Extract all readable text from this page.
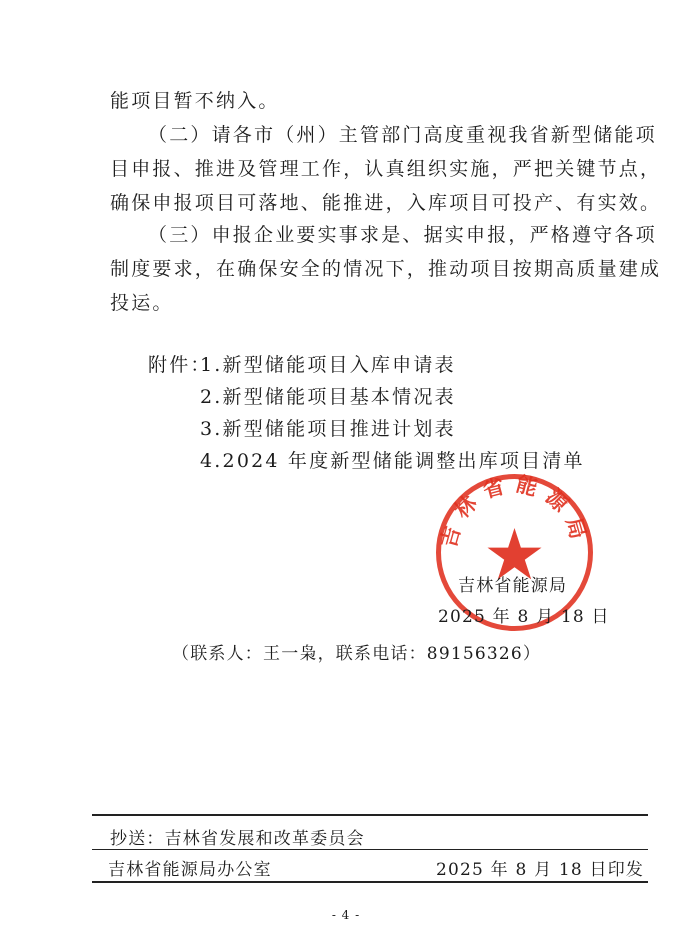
能项目暂不纳入。
（二）请各市（州）主管部门高度重视我省新型储能项
目申报、推进及管理工作，认真组织实施，严把关键节点，
确保申报项目可落地、能推进，入库项目可投产、有实效。
（三）申报企业要实事求是、据实申报，严格遵守各项
制度要求，在确保安全的情况下，推动项目按期高质量建成
投运。
附件：
1.新型储能项目入库申请表
2.新型储能项目基本情况表
3.新型储能项目推进计划表
4.2024 年度新型储能调整出库项目清单
吉林省能源局
吉林省能源局
2025 年 8 月 18 日
（联系人：王一枭，联系电话：89156326）
抄送：吉林省发展和改革委员会
吉林省能源局办公室	2025 年 8 月 18 日印发
- 4 -
